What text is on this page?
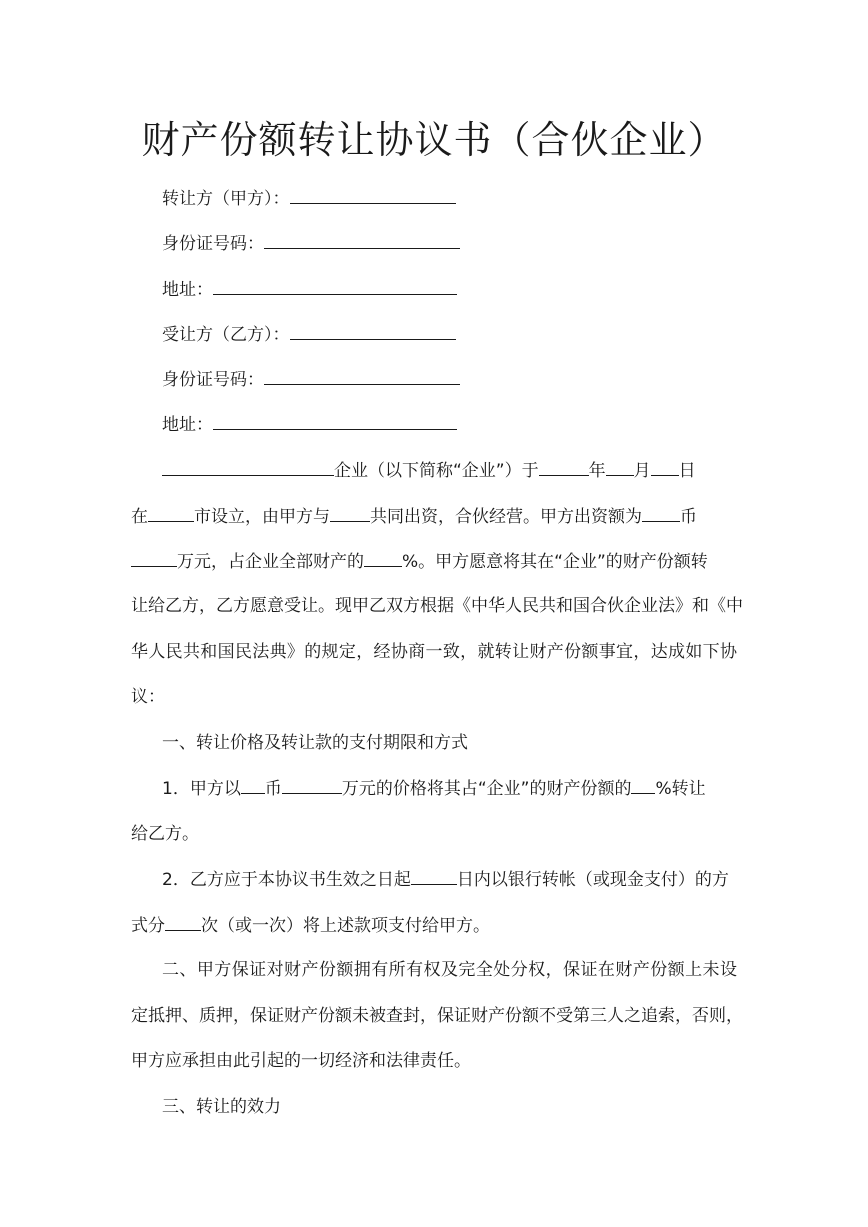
财产份额转让协议书（合伙企业）
转让方（甲方）：
身份证号码：
地址：
受让方（乙方）：
身份证号码：
地址：
企业（以下简称“企业”）于	年 月 日
在	市设立，由甲方与 共同出资，合伙经营。甲方出资额为 币
万元，占企业全部财产的 %。甲方愿意将其在“企业”的财产份额转
让给乙方，乙方愿意受让。现甲乙双方根据《中华人民共和国合伙企业法》和《中
华人民共和国民法典》的规定，经协商一致，就转让财产份额事宜，达成如下协
议：
一、转让价格及转让款的支付期限和方式
1．甲方以 币	万元的价格将其占“企业”的财产份额的 %转让
给乙方。
2．乙方应于本协议书生效之日起	日内以银行转帐（或现金支付）的方
式分 次（或一次）将上述款项支付给甲方。
二、甲方保证对财产份额拥有所有权及完全处分权，保证在财产份额上未设
定抵押、质押，保证财产份额未被查封，保证财产份额不受第三人之追索，否则，
甲方应承担由此引起的一切经济和法律责任。
三、转让的效力
